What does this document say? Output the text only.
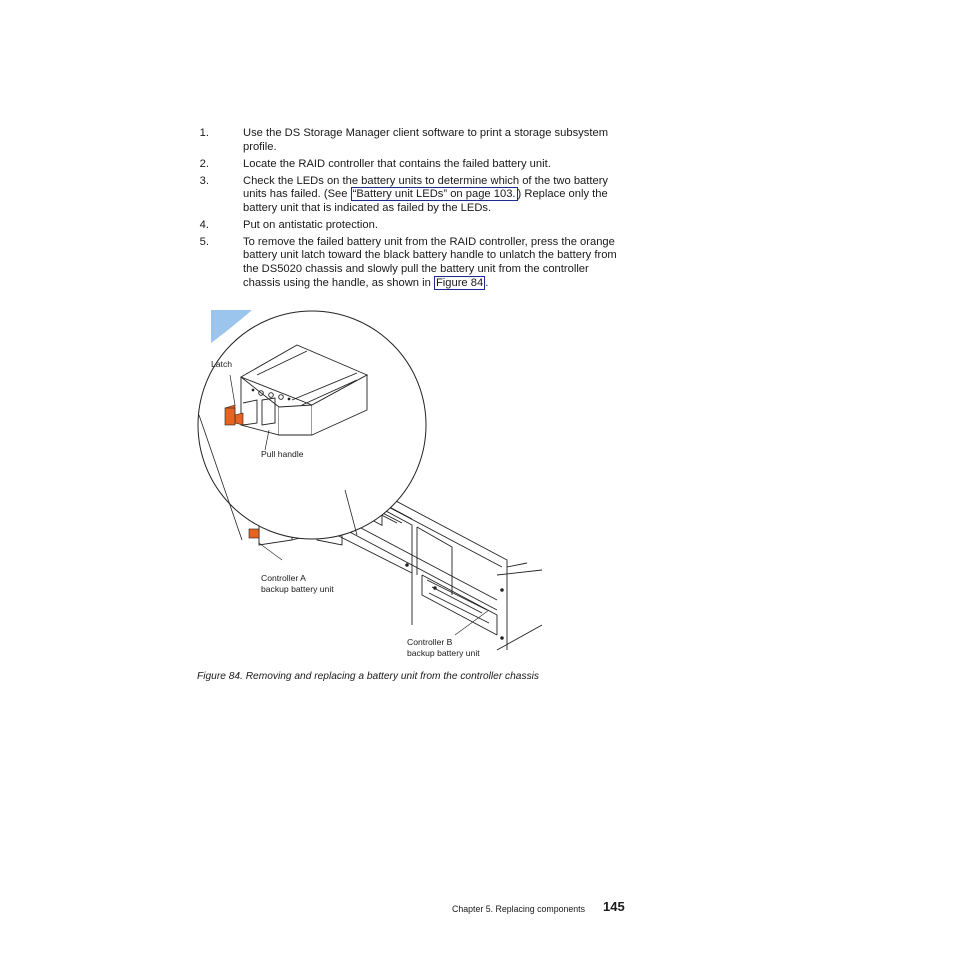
1.	Use the DS Storage Manager client software to print a storage subsystem profile.
2.	Locate the RAID controller that contains the failed battery unit.
3.	Check the LEDs on the battery units to determine which of the two battery units has failed. (See “Battery unit LEDs” on page 103. ) Replace only the battery unit that is indicated as failed by the LEDs.
4.	Put on antistatic protection.
5.	To remove the failed battery unit from the RAID controller, press the orange battery unit latch toward the black battery handle to unlatch the battery from the DS5020 chassis and slowly pull the battery unit from the controller chassis using the handle, as shown in Figure 84 .
Latch
Pull handle
Controller A
backup battery unit
Controller B
backup battery unit
Figure 84. Removing and replacing a battery unit from the controller chassis
Chapter 5. Replacing components 145
